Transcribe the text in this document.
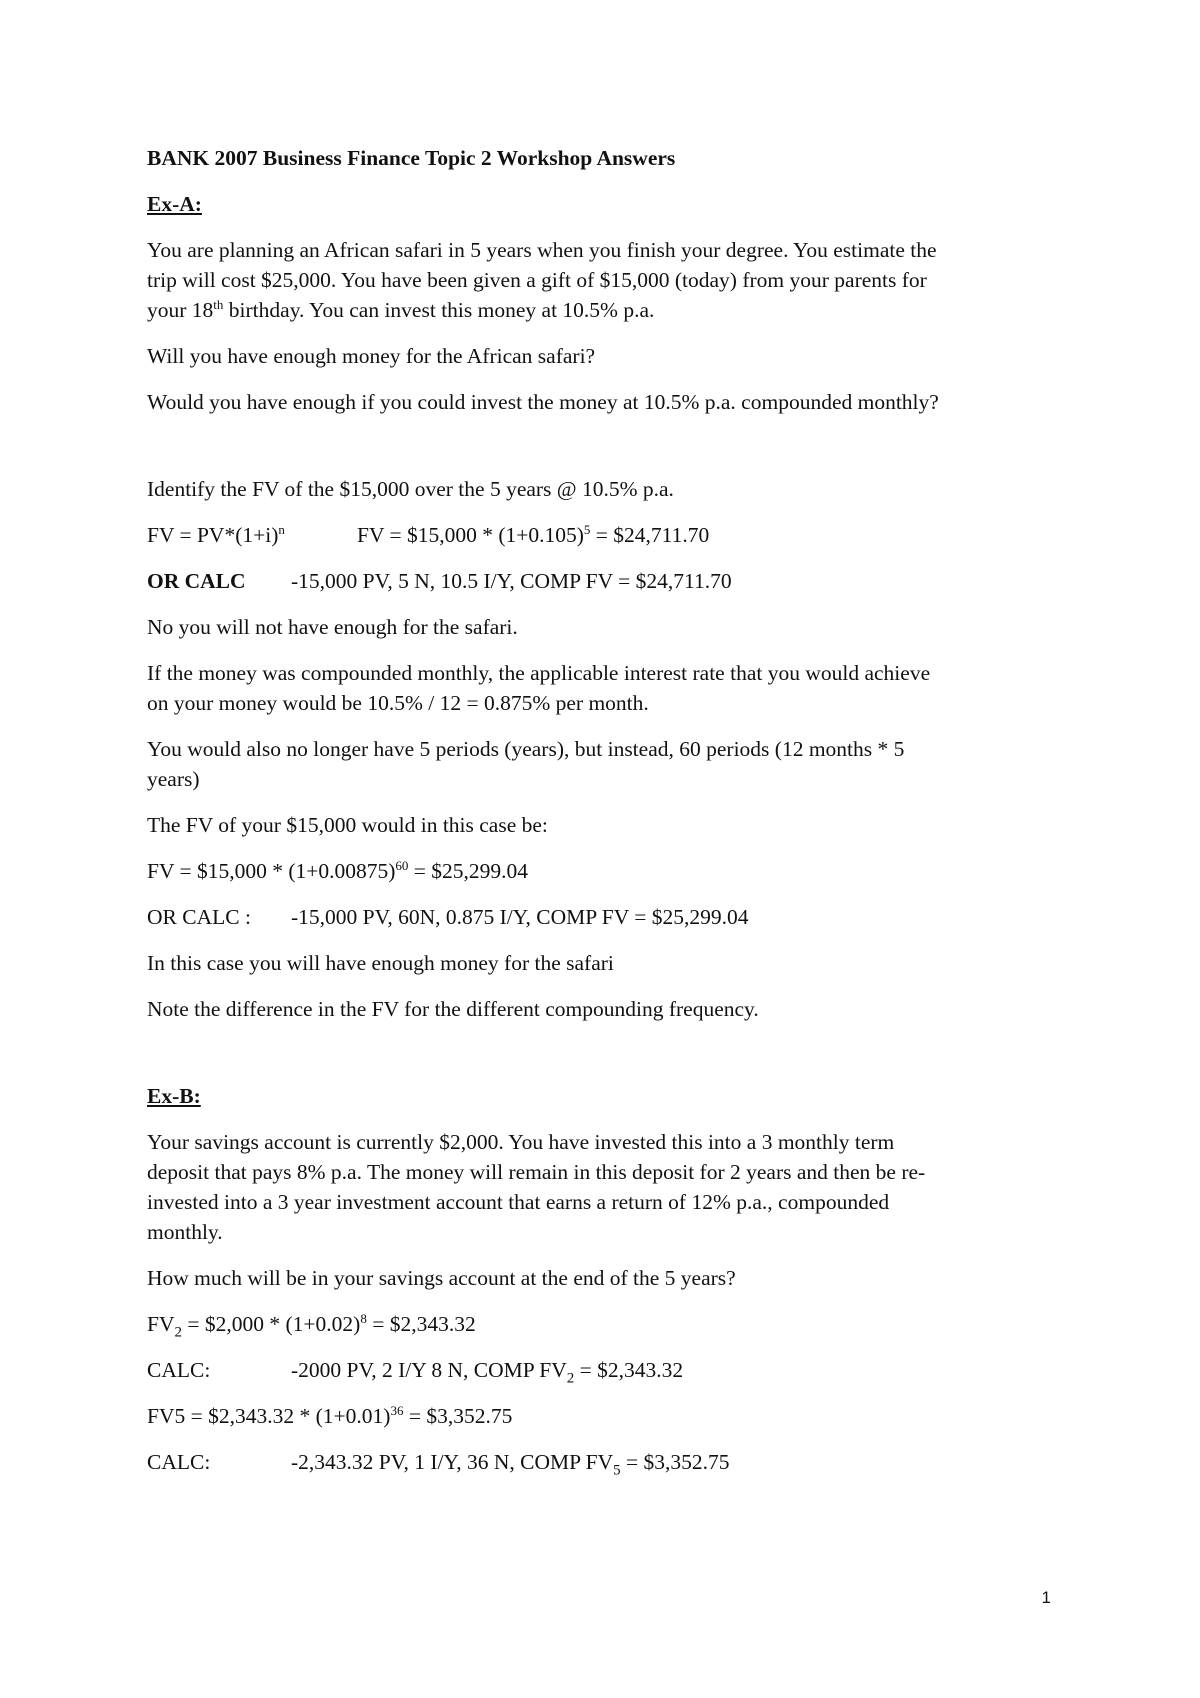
BANK 2007 Business Finance Topic 2 Workshop Answers

Ex-A:

You are planning an African safari in 5 years when you finish your degree. You estimate the
trip will cost $25,000. You have been given a gift of $15,000 (today) from your parents for
your 18th birthday. You can invest this money at 10.5% p.a.

Will you have enough money for the African safari?

Would you have enough if you could invest the money at 10.5% p.a. compounded monthly?

Identify the FV of the $15,000 over the 5 years @ 10.5% p.a.

FV = $PV*(1+i)^n$	FV = $15,000 * $(1+0.105)^5$ = $24,711.70

OR CALC -15,000 PV, 5 N, 10.5 I/Y, COMP FV = $24,711.70

No you will not have enough for the safari.

If the money was compounded monthly, the applicable interest rate that you would achieve
on your money would be 10.5% / 12 = 0.875% per month.
You would also no longer have 5 periods (years), but instead, 60 periods (12 months * 5
years)

The FV of your $15,000 would in this case be:

FV = $15,000 * $(1+0.00875)^{60}$ = $25,299.04

OR CALC : -15,000 PV, 60N, 0.875 I/Y, COMP FV = $25,299.04

In this case you will have enough money for the safari

Note the difference in the FV for the different compounding frequency.

Ex-B:

Your savings account is currently $2,000. You have invested this into a 3 monthly term
deposit that pays 8% p.a. The money will remain in this deposit for 2 years and then be re-
invested into a 3 year investment account that earns a return of 12% p.a., compounded
monthly.

How much will be in your savings account at the end of the 5 years?

$FV_2$ = $2,000 * $(1+0.02)^8$ = $2,343.32

CALC:	-2000 PV, 2 I/Y 8 N, COMP $FV_2$ = $2,343.32

FV5 = $2,343.32 * $(1+0.01)^{36}$ = $3,352.75

CALC:	-2,343.32 PV, 1 I/Y, 36 N, COMP $FV_5$ = $3,352.75

1
